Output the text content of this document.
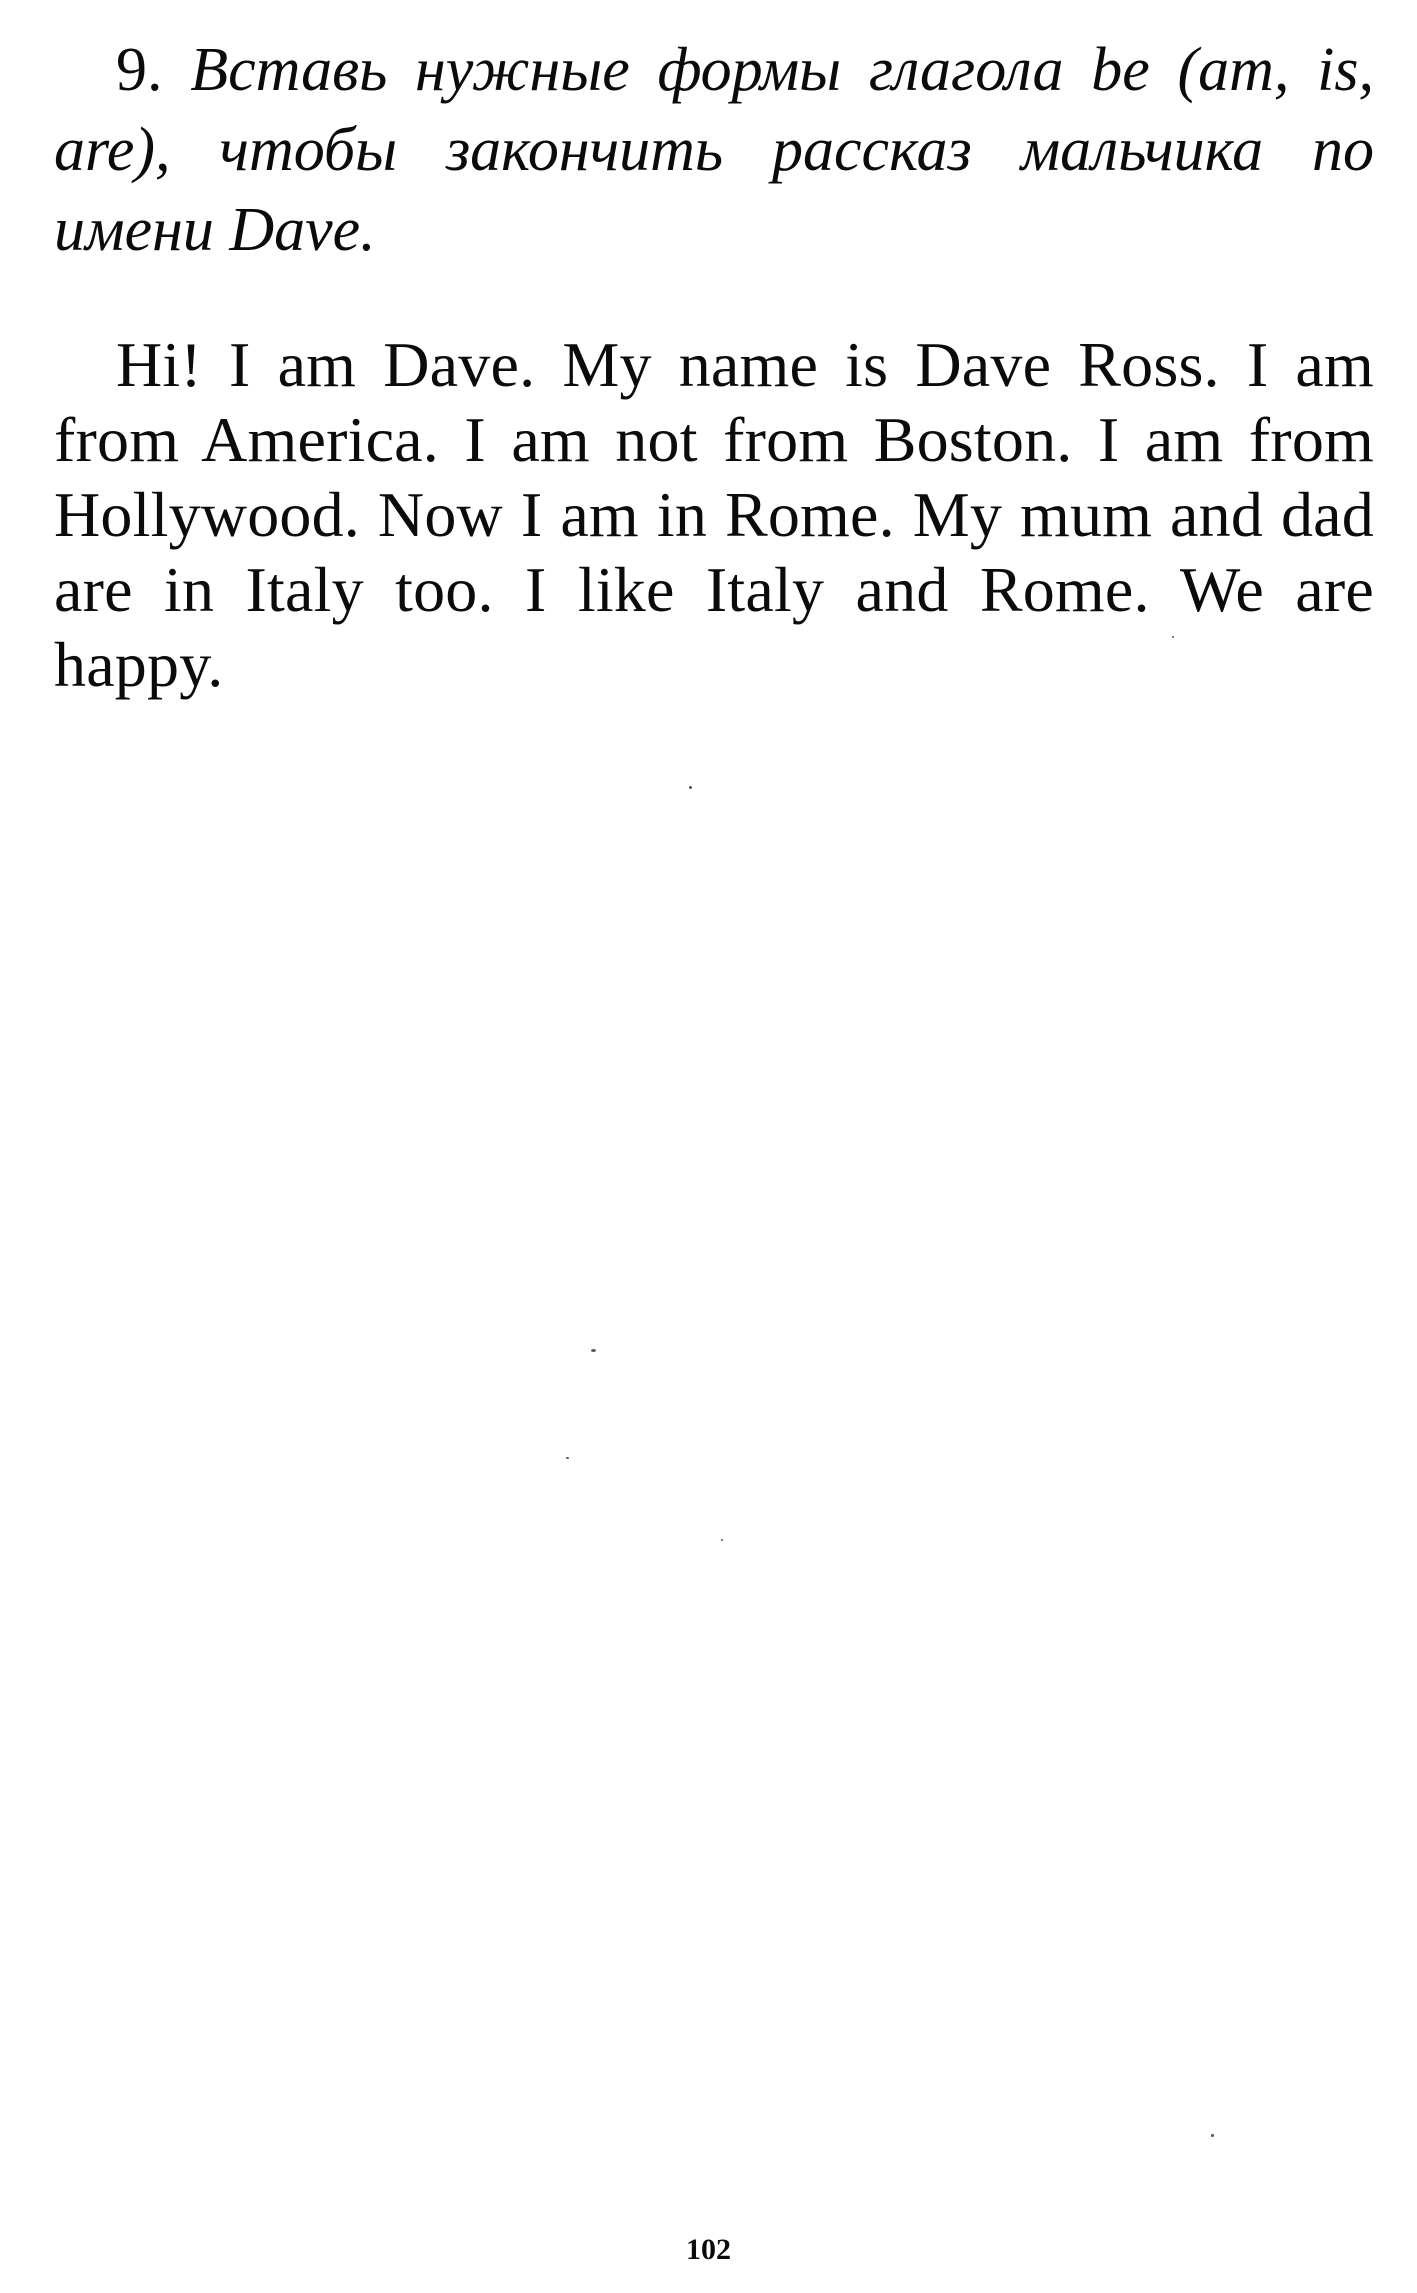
9. Вставь нужные формы глагола be (am, is, are), чтобы закончить рассказ мальчика по имени Dave.

Hi! I am Dave. My name is Dave Ross. I am from America. I am not from Boston. I am from Hollywood. Now I am in Rome. My mum and dad are in Italy too. I like Italy and Rome. We are happy.

102
